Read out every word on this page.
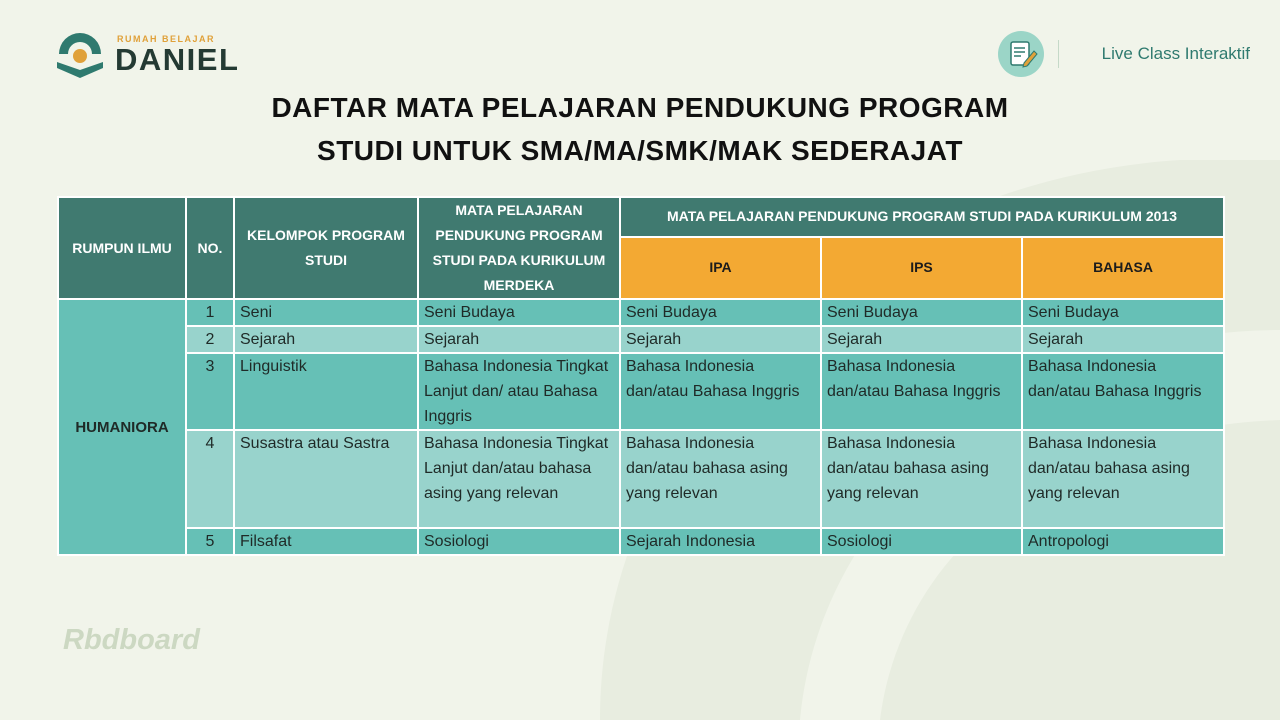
RUMAH BELAJAR
DANIEL	Live Class Interaktif
DAFTAR MATA PELAJARAN PENDUKUNG PROGRAM
STUDI UNTUK SMA/MA/SMK/MAK SEDERAJAT
RUMPUN ILMU	NO.	KELOMPOK PROGRAM STUDI	MATA PELAJARAN PENDUKUNG PROGRAM STUDI PADA KURIKULUM MERDEKA	MATA PELAJARAN PENDUKUNG PROGRAM STUDI PADA KURIKULUM 2013		
				IPA	IPS	BAHASA
HUMANIORA	1	Seni	Seni Budaya	Seni Budaya	Seni Budaya	Seni Budaya
	2	Sejarah	Sejarah	Sejarah	Sejarah	Sejarah
	3	Linguistik	Bahasa Indonesia Tingkat Lanjut dan/ atau Bahasa Inggris	Bahasa Indonesia dan/atau Bahasa Inggris	Bahasa Indonesia dan/atau Bahasa Inggris	Bahasa Indonesia dan/atau Bahasa Inggris
	4	Susastra atau Sastra	Bahasa Indonesia Tingkat Lanjut dan/atau bahasa asing yang relevan	Bahasa Indonesia dan/atau bahasa asing yang relevan	Bahasa Indonesia dan/atau bahasa asing yang relevan	Bahasa Indonesia dan/atau bahasa asing yang relevan
	5	Filsafat	Sosiologi	Sejarah Indonesia	Sosiologi	Antropologi
Rbdboard
